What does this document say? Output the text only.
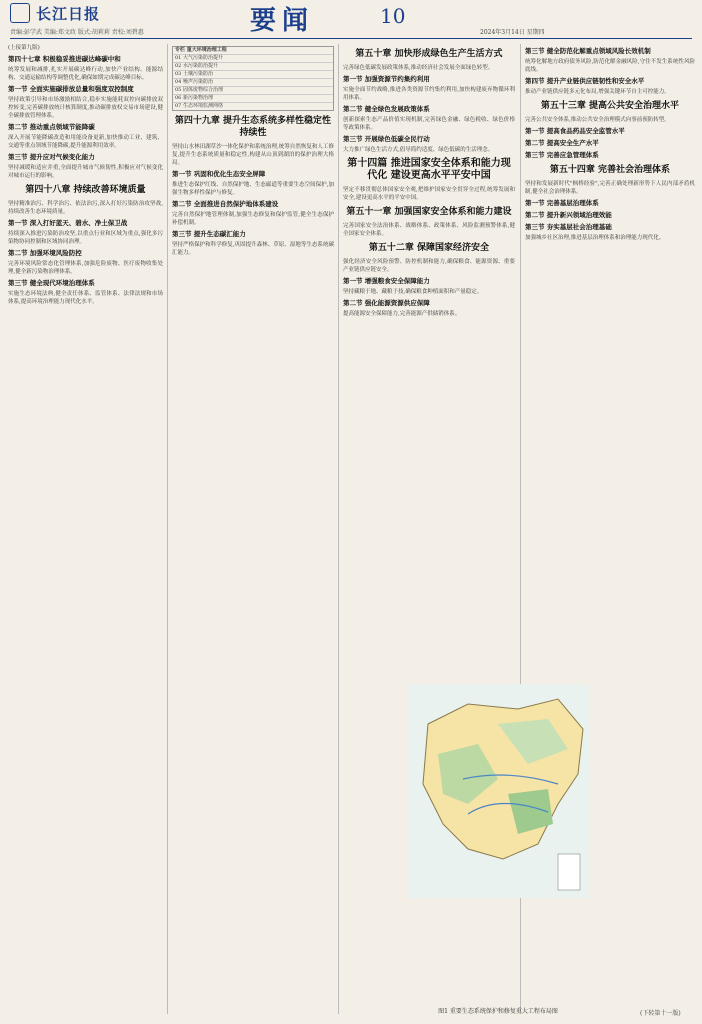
长江日报
责编:彭学武 美编:郑文政 版式:胡莉莉 责校:刘碧惠	要闻	10
2024年3月14日 星期四
(上接第九版)
第四十七章 积极稳妥推进碳达峰碳中和
统筹发展和减排,扎实开展碳达峰行动,加快产业结构、能源结构、交通运输结构等调整优化,确保如期完成碳达峰目标。
第一节 全面实施碳排放总量和强度双控制度
坚持政策引导和市场激励相结合,稳步实施能耗双控向碳排放双控转变,完善碳排放统计核算制度,推动碳排放权交易市场建设,健全碳排放管理体系。
第二节 推动重点领域节能降碳
深入开展节能降碳改造和用能设备更新,加快推动工业、建筑、交通等重点领域节能降碳,提升能源利用效率。
第三节 提升应对气候变化能力
坚持减缓和适应并重,全面提升城市气候韧性,积极应对气候变化对城市运行的影响。
第四十八章 持续改善环境质量
坚持精准治污、科学治污、依法治污,深入打好污染防治攻坚战,持续改善生态环境质量。
第一节 深入打好蓝天、碧水、净土保卫战
持续深入推进污染防治攻坚,以重点行业和区域为重点,强化多污染物协同控制和区域协同治理。
第二节 加强环境风险防控
完善环境风险常态化管理体系,加强危险废物、医疗废物收集处理,健全新污染物治理体系。
第三节 健全现代环境治理体系
实施生态环境法典,健全责任体系、监管体系、法律法规和市场体系,提高环境治理能力现代化水平。
专栏 重大环境治理工程
01 大气污染防治提升
02 水污染防治提升
03 土壤污染防治
04 噪声污染防治
05 固体废物综合治理
06 新污染物治理
07 生态环境监测网络
第四十九章 提升生态系统多样性稳定性持续性
坚持山水林田湖草沙一体化保护和系统治理,统筹自然恢复和人工修复,提升生态系统质量和稳定性,构建从山顶到湖泊的保护治理大格局。
第一节 巩固和优化生态安全屏障
推进生态保护红线、自然保护地、生态廊道等重要生态空间保护,加强生物多样性保护与修复。
第二节 全面推进自然保护地体系建设
完善自然保护地管理体制,加强生态修复和保护监管,健全生态保护补偿机制。
第三节 提升生态碳汇能力
坚持严格保护和科学修复,巩固提升森林、草原、湿地等生态系统碳汇能力。
第五十章 加快形成绿色生产生活方式
完善绿色低碳发展政策体系,推动经济社会发展全面绿色转型。
第一节 加强资源节约集约利用
实施全面节约战略,推进各类资源节约集约利用,加快构建废弃物循环利用体系。
第二节 健全绿色发展政策体系
创新探索生态产品价值实现机制,完善绿色金融、绿色税收、绿色价格等政策体系。
第三节 开展绿色低碳全民行动
大力推广绿色生活方式,倡导简约适度、绿色低碳的生活理念。
第十四篇 推进国家安全体系和能力现代化 建设更高水平平安中国
坚定不移贯彻总体国家安全观,把维护国家安全贯穿全过程,统筹发展和安全,建设更高水平的平安中国。
第五十一章 加强国家安全体系和能力建设
完善国家安全法治体系、战略体系、政策体系、风险监测预警体系,健全国家安全体系。
第五十二章 保障国家经济安全
强化经济安全风险预警、防控机制和能力,确保粮食、能源资源、重要产业链供应链安全。
第一节 增强粮食安全保障能力
坚持藏粮于地、藏粮于技,确保粮食种植面积和产量稳定。
第二节 强化能源资源供应保障
提高能源安全保障能力,完善能源产供储销体系。
第三节 健全防范化解重点领域风险长效机制
统筹化解地方政府债务风险,防范化解金融风险,守住不发生系统性风险底线。
第四节 提升产业链供应链韧性和安全水平
推动产业链供应链多元化布局,增强关键环节自主可控能力。
第五十三章 提高公共安全治理水平
完善公共安全体系,推动公共安全治理模式向事前预防转型。
第一节 提高食品药品安全监管水平
第二节 提高安全生产水平
第三节 完善应急管理体系
第五十四章 完善社会治理体系
坚持和发展新时代"枫桥经验",完善正确处理新形势下人民内部矛盾机制,健全社会治理体系。
第一节 完善基层治理体系
第二节 提升新兴领域治理效能
第三节 夯实基层社会治理基础
加强城乡社区治理,推进基层治理体系和治理能力现代化。
图1 重要生态系统保护和修复重大工程布局图	(下转第十一版)
